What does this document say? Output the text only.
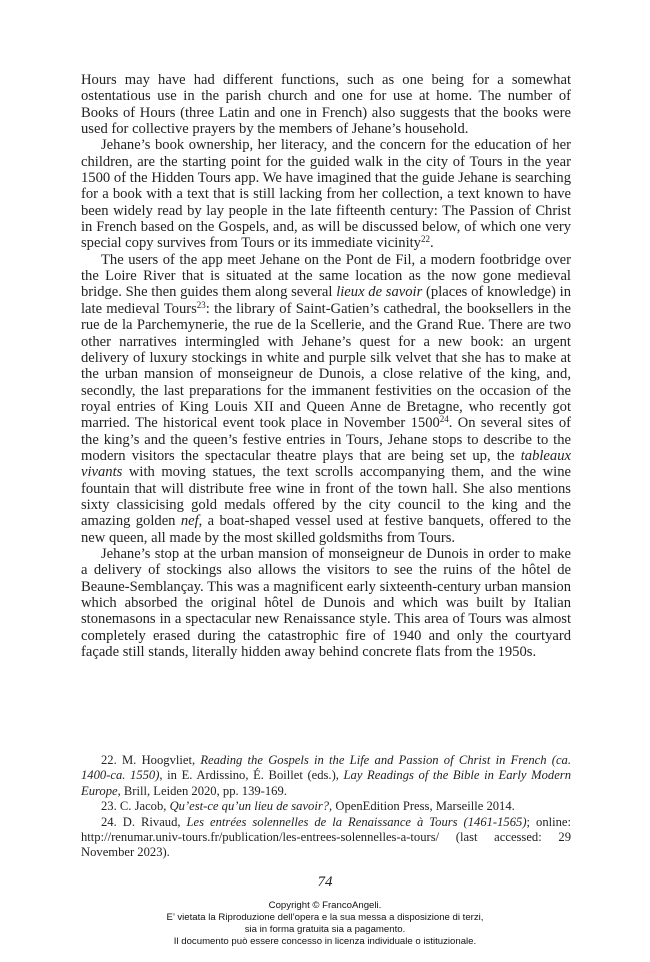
Hours may have had different functions, such as one being for a somewhat ostentatious use in the parish church and one for use at home. The number of Books of Hours (three Latin and one in French) also suggests that the books were used for collective prayers by the members of Jehane’s household.

Jehane’s book ownership, her literacy, and the concern for the education of her children, are the starting point for the guided walk in the city of Tours in the year 1500 of the Hidden Tours app. We have imagined that the guide Jehane is searching for a book with a text that is still lacking from her collection, a text known to have been widely read by lay people in the late fifteenth century: The Passion of Christ in French based on the Gospels, and, as will be discussed below, of which one very special copy survives from Tours or its immediate vicinity$^{22}$.

The users of the app meet Jehane on the Pont de Fil, a modern footbridge over the Loire River that is situated at the same location as the now gone medieval bridge. She then guides them along several lieux de savoir (places of knowledge) in late medieval Tours$^{23}$: the library of Saint-Gatien’s cathedral, the booksellers in the rue de la Parchemynerie, the rue de la Scellerie, and the Grand Rue. There are two other narratives intermingled with Jehane’s quest for a new book: an urgent delivery of luxury stockings in white and purple silk velvet that she has to make at the urban mansion of monseigneur de Dunois, a close relative of the king, and, secondly, the last preparations for the immanent festivities on the occasion of the royal entries of King Louis XII and Queen Anne de Bretagne, who recently got married. The historical event took place in November 1500$^{24}$. On several sites of the king’s and the queen’s festive entries in Tours, Jehane stops to describe to the modern visitors the spectacular theatre plays that are being set up, the tableaux vivants with moving statues, the text scrolls accompanying them, and the wine fountain that will distribute free wine in front of the town hall. She also mentions sixty classicising gold medals offered by the city council to the king and the amazing golden nef, a boat-shaped vessel used at festive banquets, offered to the new queen, all made by the most skilled goldsmiths from Tours.

Jehane’s stop at the urban mansion of monseigneur de Dunois in order to make a delivery of stockings also allows the visitors to see the ruins of the hôtel de Beaune-Semblançay. This was a magnificent early sixteenth-century urban mansion which absorbed the original hôtel de Dunois and which was built by Italian stonemasons in a spectacular new Renaissance style. This area of Tours was almost completely erased during the catastrophic fire of 1940 and only the courtyard façade still stands, literally hidden away behind concrete flats from the 1950s.

22. M. Hoogvliet, Reading the Gospels in the Life and Passion of Christ in French (ca. 1400-ca. 1550), in E. Ardissino, É. Boillet (eds.), Lay Readings of the Bible in Early Modern Europe, Brill, Leiden 2020, pp. 139-169.

23. C. Jacob, Qu’est-ce qu’un lieu de savoir?, OpenEdition Press, Marseille 2014.

24. D. Rivaud, Les entrées solennelles de la Renaissance à Tours (1461-1565); online: http://renumar.univ-tours.fr/publication/les-entrees-solennelles-a-tours/ (last accessed: 29 November 2023).

74
Copyright © FrancoAngeli.
E’ vietata la Riproduzione dell’opera e la sua messa a disposizione di terzi,
sia in forma gratuita sia a pagamento.
Il documento può essere concesso in licenza individuale o istituzionale.
